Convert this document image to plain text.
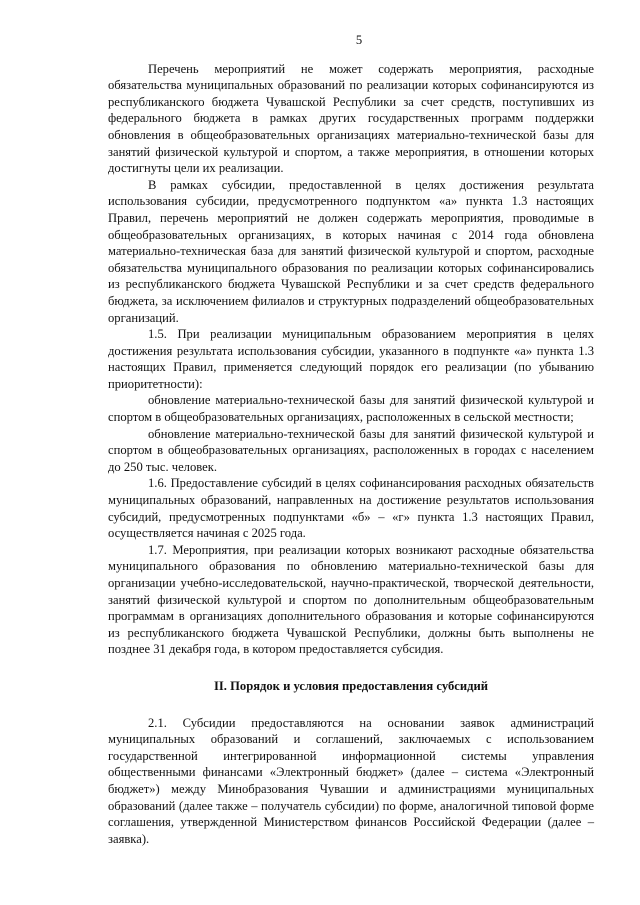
5

Перечень мероприятий не может содержать мероприятия, расходные обязательства муниципальных образований по реализации которых софинансируются из республиканского бюджета Чувашской Республики за счет средств, поступивших из федерального бюджета в рамках других государственных программ поддержки обновления в общеобразовательных организациях материально-технической базы для занятий физической культурой и спортом, а также мероприятия, в отношении которых достигнуты цели их реализации.

В рамках субсидии, предоставленной в целях достижения результата использования субсидии, предусмотренного подпунктом «а» пункта 1.3 настоящих Правил, перечень мероприятий не должен содержать мероприятия, проводимые в общеобразовательных организациях, в которых начиная с 2014 года обновлена материально-техническая база для занятий физической культурой и спортом, расходные обязательства муниципального образования по реализации которых софинансировались из республиканского бюджета Чувашской Республики и за счет средств федерального бюджета, за исключением филиалов и структурных подразделений общеобразовательных организаций.

1.5. При реализации муниципальным образованием мероприятия в целях достижения результата использования субсидии, указанного в подпункте «а» пункта 1.3 настоящих Правил, применяется следующий порядок его реализации (по убыванию приоритетности):

обновление материально-технической базы для занятий физической культурой и спортом в общеобразовательных организациях, расположенных в сельской местности;

обновление материально-технической базы для занятий физической культурой и спортом в общеобразовательных организациях, расположенных в городах с населением до 250 тыс. человек.

1.6. Предоставление субсидий в целях софинансирования расходных обязательств муниципальных образований, направленных на достижение результатов использования субсидий, предусмотренных подпунктами «б» – «г» пункта 1.3 настоящих Правил, осуществляется начиная с 2025 года.

1.7. Мероприятия, при реализации которых возникают расходные обязательства муниципального образования по обновлению материально-технической базы для организации учебно-исследовательской, научно-практической, творческой деятельности, занятий физической культурой и спортом по дополнительным общеобразовательным программам в организациях дополнительного образования и которые софинансируются из республиканского бюджета Чувашской Республики, должны быть выполнены не позднее 31 декабря года, в котором предоставляется субсидия.

II. Порядок и условия предоставления субсидий

2.1. Субсидии предоставляются на основании заявок администраций муниципальных образований и соглашений, заключаемых с использованием государственной интегрированной информационной системы управления общественными финансами «Электронный бюджет» (далее – система «Электронный бюджет») между Минобразования Чувашии и администрациями муниципальных образований (далее также – получатель субсидии) по форме, аналогичной типовой форме соглашения, утвержденной Министерством финансов Российской Федерации (далее – заявка).
